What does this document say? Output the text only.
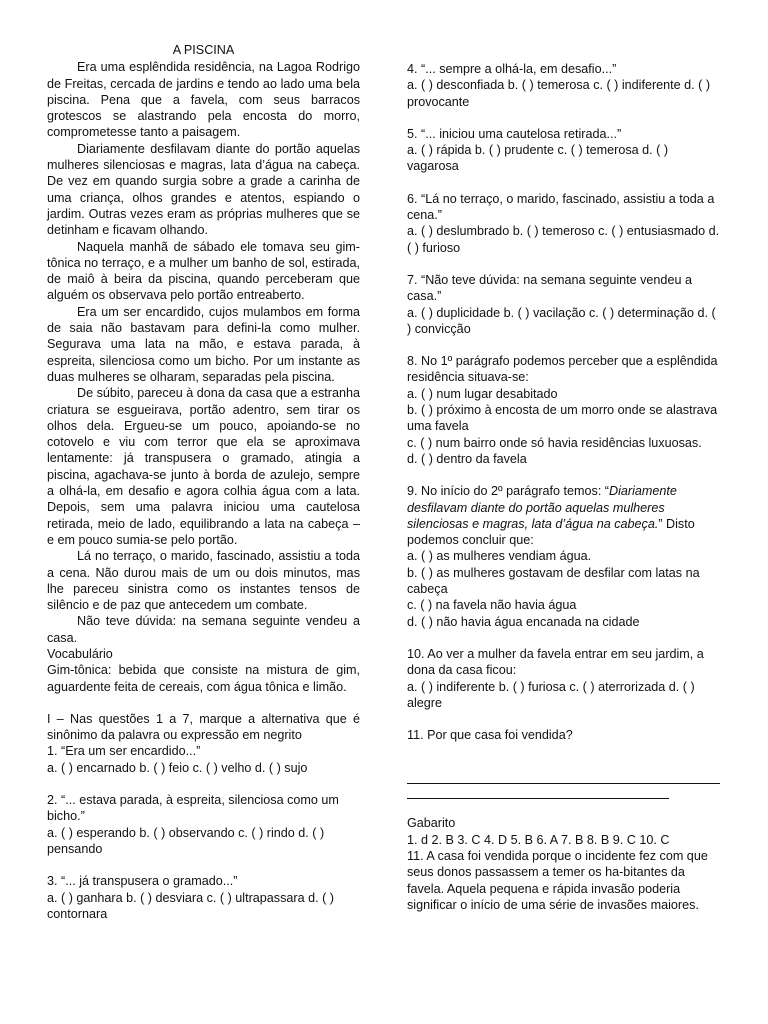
A PISCINA

Era uma esplêndida residência, na Lagoa Rodrigo de Freitas, cercada de jardins e tendo ao lado uma bela piscina. Pena que a favela, com seus barracos grotescos se alastrando pela encosta do morro, comprometesse tanto a paisagem.

Diariamente desfilavam diante do portão aquelas mulheres silenciosas e magras, lata d’água na cabeça. De vez em quando surgia sobre a grade a carinha de uma criança, olhos grandes e atentos, espiando o jardim. Outras vezes eram as próprias mulheres que se detinham e ficavam olhando.

Naquela manhã de sábado ele tomava seu gim-tônica no terraço, e a mulher um banho de sol, estirada, de maiô à beira da piscina, quando perceberam que alguém os observava pelo portão entreaberto.

Era um ser encardido, cujos mulambos em forma de saia não bastavam para defini-la como mulher. Segurava uma lata na mão, e estava parada, à espreita, silenciosa como um bicho. Por um instante as duas mulheres se olharam, separadas pela piscina.

De súbito, pareceu à dona da casa que a estranha criatura se esgueirava, portão adentro, sem tirar os olhos dela. Ergueu-se um pouco, apoiando-se no cotovelo e viu com terror que ela se aproximava lentamente: já transpusera o gramado, atingia a piscina, agachava-se junto à borda de azulejo, sempre a olhá-la, em desafio e agora colhia água com a lata. Depois, sem uma palavra iniciou uma cautelosa retirada, meio de lado, equilibrando a lata na cabeça – e em pouco sumia-se pelo portão.

Lá no terraço, o marido, fascinado, assistiu a toda a cena. Não durou mais de um ou dois minutos, mas lhe pareceu sinistra como os instantes tensos de silêncio e de paz que antecedem um combate.

Não teve dúvida: na semana seguinte vendeu a casa.

Vocabulário

Gim-tônica: bebida que consiste na mistura de gim, aguardente feita de cereais, com água tônica e limão.

I – Nas questões 1 a 7, marque a alternativa que é sinônimo da palavra ou expressão em negrito

1. “Era um ser encardido...”

a. ( ) encarnado b. ( ) feio c. ( ) velho d. ( ) sujo

2. “... estava parada, à espreita, silenciosa como um bicho.”

a. ( ) esperando b. ( ) observando c. ( ) rindo d. ( ) pensando

3. “... já transpusera o gramado...”

a. ( ) ganhara b. ( ) desviara c. ( ) ultrapassara d. ( ) contornara

4. “... sempre a olhá-la, em desafio...”

a. ( ) desconfiada b. ( ) temerosa c. ( ) indiferente d. ( ) provocante

5. “... iniciou uma cautelosa retirada...”

a. ( ) rápida b. ( ) prudente c. ( ) temerosa d. ( ) vagarosa

6. “Lá no terraço, o marido, fascinado, assistiu a toda a cena.”

a. ( ) deslumbrado b. ( ) temeroso c. ( ) entusiasmado d. ( ) furioso

7. “Não teve dúvida: na semana seguinte vendeu a casa.”

a. ( ) duplicidade b. ( ) vacilação c. ( ) determinação d. ( ) convicção

8. No 1º parágrafo podemos perceber que a esplêndida residência situava-se:

a. ( ) num lugar desabitado

b. ( ) próximo à encosta de um morro onde se alastrava uma favela

c. ( ) num bairro onde só havia residências luxuosas.

d. ( ) dentro da favela

9. No início do 2º parágrafo temos: “Diariamente desfilavam diante do portão aquelas mulheres silenciosas e magras, lata d’água na cabeça.” Disto podemos concluir que:

a. ( ) as mulheres vendiam água.

b. ( ) as mulheres gostavam de desfilar com latas na cabeça

c. ( ) na favela não havia água

d. ( ) não havia água encanada na cidade

10. Ao ver a mulher da favela entrar em seu jardim, a dona da casa ficou:

a. ( ) indiferente b. ( ) furiosa c. ( ) aterrorizada d. ( ) alegre

11. Por que casa foi vendida?

Gabarito

1. d 2. B 3. C 4. D 5. B 6. A 7. B 8. B 9. C 10. C

11. A casa foi vendida porque o incidente fez com que seus donos passassem a temer os ha-bitantes da favela. Aquela pequena e rápida invasão poderia significar o início de uma série de invasões maiores.
